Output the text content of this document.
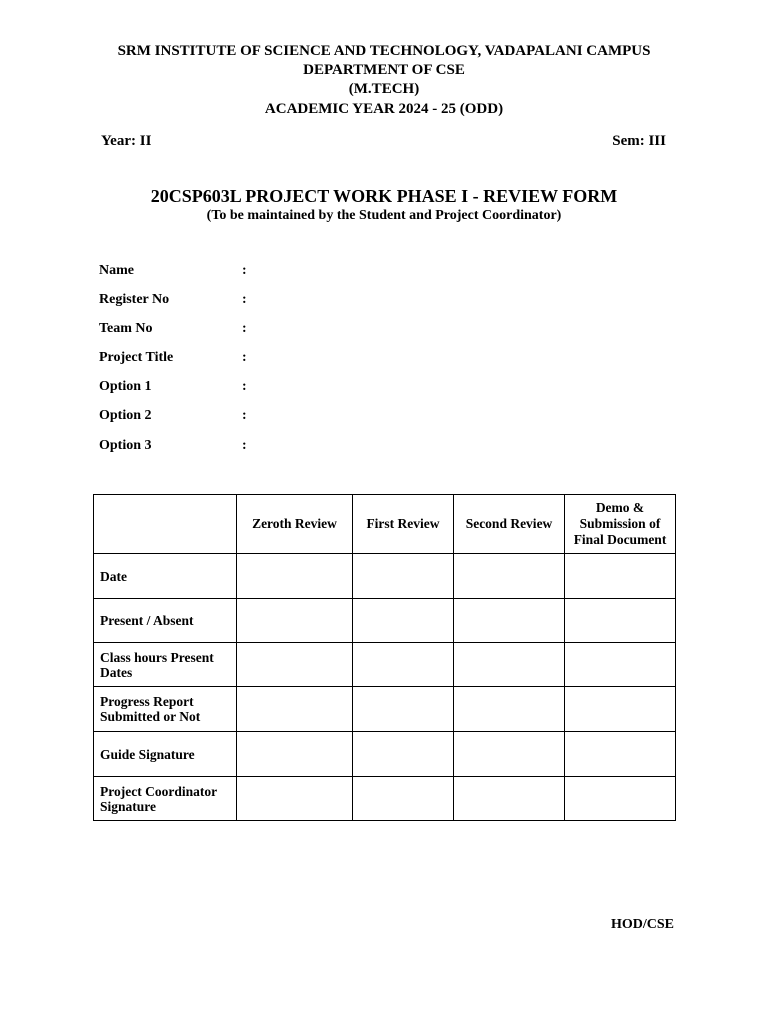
SRM INSTITUTE OF SCIENCE AND TECHNOLOGY, VADAPALANI CAMPUS
DEPARTMENT OF CSE
(M.TECH)
ACADEMIC YEAR 2024 - 25 (ODD)
Year: II	Sem: III
20CSP603L PROJECT WORK PHASE I - REVIEW FORM
(To be maintained by the Student and Project Coordinator)
Name	:
Register No	:
Team No	:
Project Title	:
Option 1	:
Option 2	:
Option 3	:
	Zeroth Review	First Review	Second Review	Demo & Submission of Final Document
Date				
Present / Absent				
Class hours Present Dates				
Progress Report Submitted or Not				
Guide Signature				
Project Coordinator Signature				
HOD/CSE
